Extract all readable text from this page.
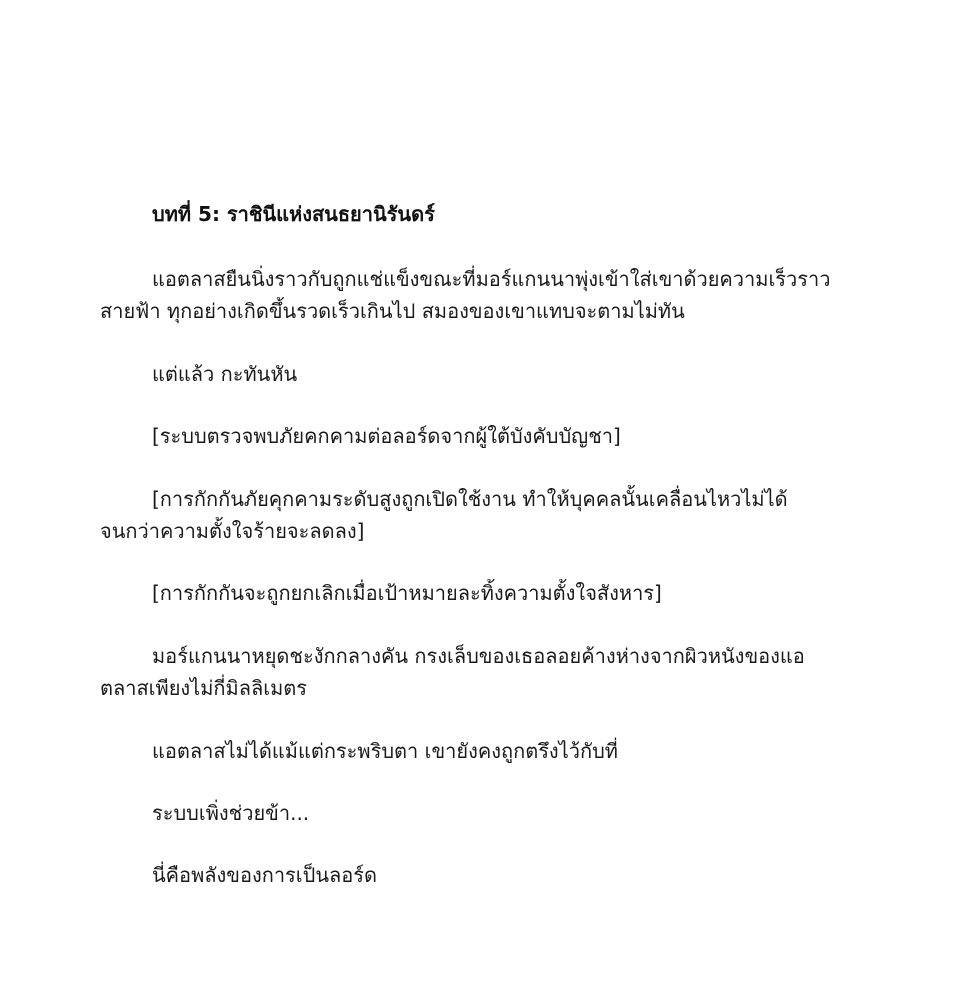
บทที่ 5: ราชินีแห่งสนธยานิรันดร์

แอตลาสยืนนิ่งราวกับถูกแช่แข็งขณะที่มอร์แกนนาพุ่งเข้าใส่เขาด้วยความเร็วราวสายฟ้า ทุกอย่างเกิดขึ้นรวดเร็วเกินไป สมองของเขาแทบจะตามไม่ทัน

แต่แล้ว กะทันหัน

[ระบบตรวจพบภัยคกคามต่อลอร์ดจากผู้ใต้บังคับบัญชา]

[การกักกันภัยคุกคามระดับสูงถูกเปิดใช้งาน ทำให้บุคคลนั้นเคลื่อนไหวไม่ได้จนกว่าความตั้งใจร้ายจะลดลง]

[การกักกันจะถูกยกเลิกเมื่อเป้าหมายละทิ้งความตั้งใจสังหาร]

มอร์แกนนาหยุดชะงักกลางคัน กรงเล็บของเธอลอยค้างห่างจากผิวหนังของแอตลาสเพียงไม่กี่มิลลิเมตร

แอตลาสไม่ได้แม้แต่กระพริบตา เขายังคงถูกตรึงไว้กับที่

ระบบเพิ่งช่วยข้า...

นี่คือพลังของการเป็นลอร์ด
